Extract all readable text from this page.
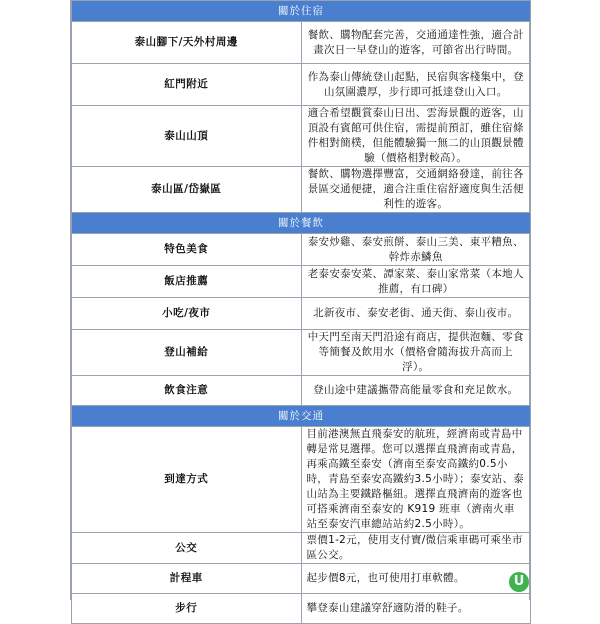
關於住宿	
泰山腳下/天外村周邊	餐飲、購物配套完善，交通通達性強，適合計畫次日一早登山的遊客，可節省出行時間。
紅門附近	作為泰山傳統登山起點，民宿與客棧集中，登山氛圍濃厚，步行即可抵達登山入口。
泰山山頂	適合希望觀賞泰山日出、雲海景觀的遊客，山頂設有賓館可供住宿，需提前預訂，雖住宿條件相對簡樸，但能體驗獨一無二的山頂觀景體驗（價格相對較高）。
泰山區/岱嶽區	餐飲、購物選擇豐富，交通網絡發達，前往各景區交通便捷，適合注重住宿舒適度與生活便利性的遊客。
關於餐飲	
特色美食	泰安炒雞、泰安煎餅、泰山三美、東平糟魚、幹炸赤鱗魚
飯店推薦	老泰安泰安菜、譚家菜、泰山家常菜（本地人推薦，有口碑）
小吃/夜市	北新夜市、泰安老街、通天街、泰山夜市。
登山補給	中天門至南天門沿途有商店，提供泡麵、零食等簡餐及飲用水（價格會隨海拔升高而上浮）。
飲食注意	登山途中建議攜帶高能量零食和充足飲水。
關於交通	
到達方式	目前港澳無直飛泰安的航班，經濟南或青島中轉是常見選擇。您可以選擇直飛濟南或青島，再乘高鐵至泰安（濟南至泰安高鐵約0.5小時，青島至泰安高鐵約3.5小時）；泰安站、泰山站為主要鐵路樞紐。選擇直飛濟南的遊客也可搭乘濟南至泰安的 K919 班車（濟南火車站至泰安汽車總站站約2.5小時）。
公交	票價1-2元，使用支付寶/微信乘車碼可乘坐市區公交。
計程車	起步價8元，也可使用打車軟體。
步行	攀登泰山建議穿舒適防滑的鞋子。
U
